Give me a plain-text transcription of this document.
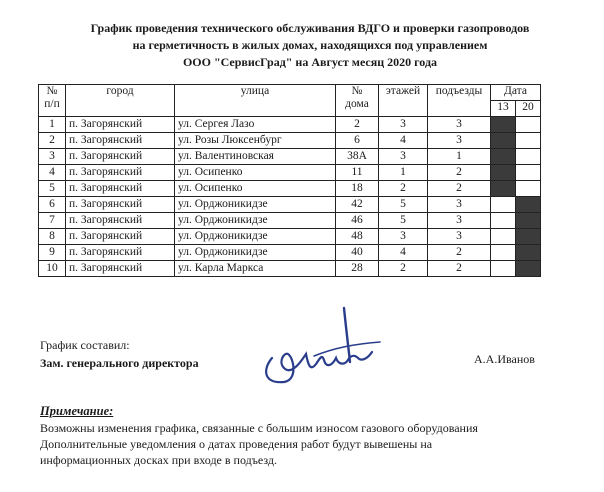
График проведения технического обслуживания ВДГО и проверки газопроводов
на герметичность в жилых домах, находящихся под управлением
ООО "СервисГрад" на Август месяц 2020 года
№ п/п	город	улица	№ дома	этажей	подъезды	Дата	
						13	20
1	п. Загорянский	ул. Сергея Лазо	2	3	3		
2	п. Загорянский	ул. Розы Люксенбург	6	4	3		
3	п. Загорянский	ул. Валентиновская	38А	3	1		
4	п. Загорянский	ул. Осипенко	11	1	2		
5	п. Загорянский	ул. Осипенко	18	2	2		
6	п. Загорянский	ул. Орджоникидзе	42	5	3		
7	п. Загорянский	ул. Орджоникидзе	46	5	3		
8	п. Загорянский	ул. Орджоникидзе	48	3	3		
9	п. Загорянский	ул. Орджоникидзе	40	4	2		
10	п. Загорянский	ул. Карла Маркса	28	2	2		
График составил:
Зам. генерального директора	А.А.Иванов
Примечание:
Возможны изменения графика, связанные с большим износом газового оборудования
Дополнительные уведомления о датах проведения работ будут вывешены на
информационных досках при входе в подъезд.
